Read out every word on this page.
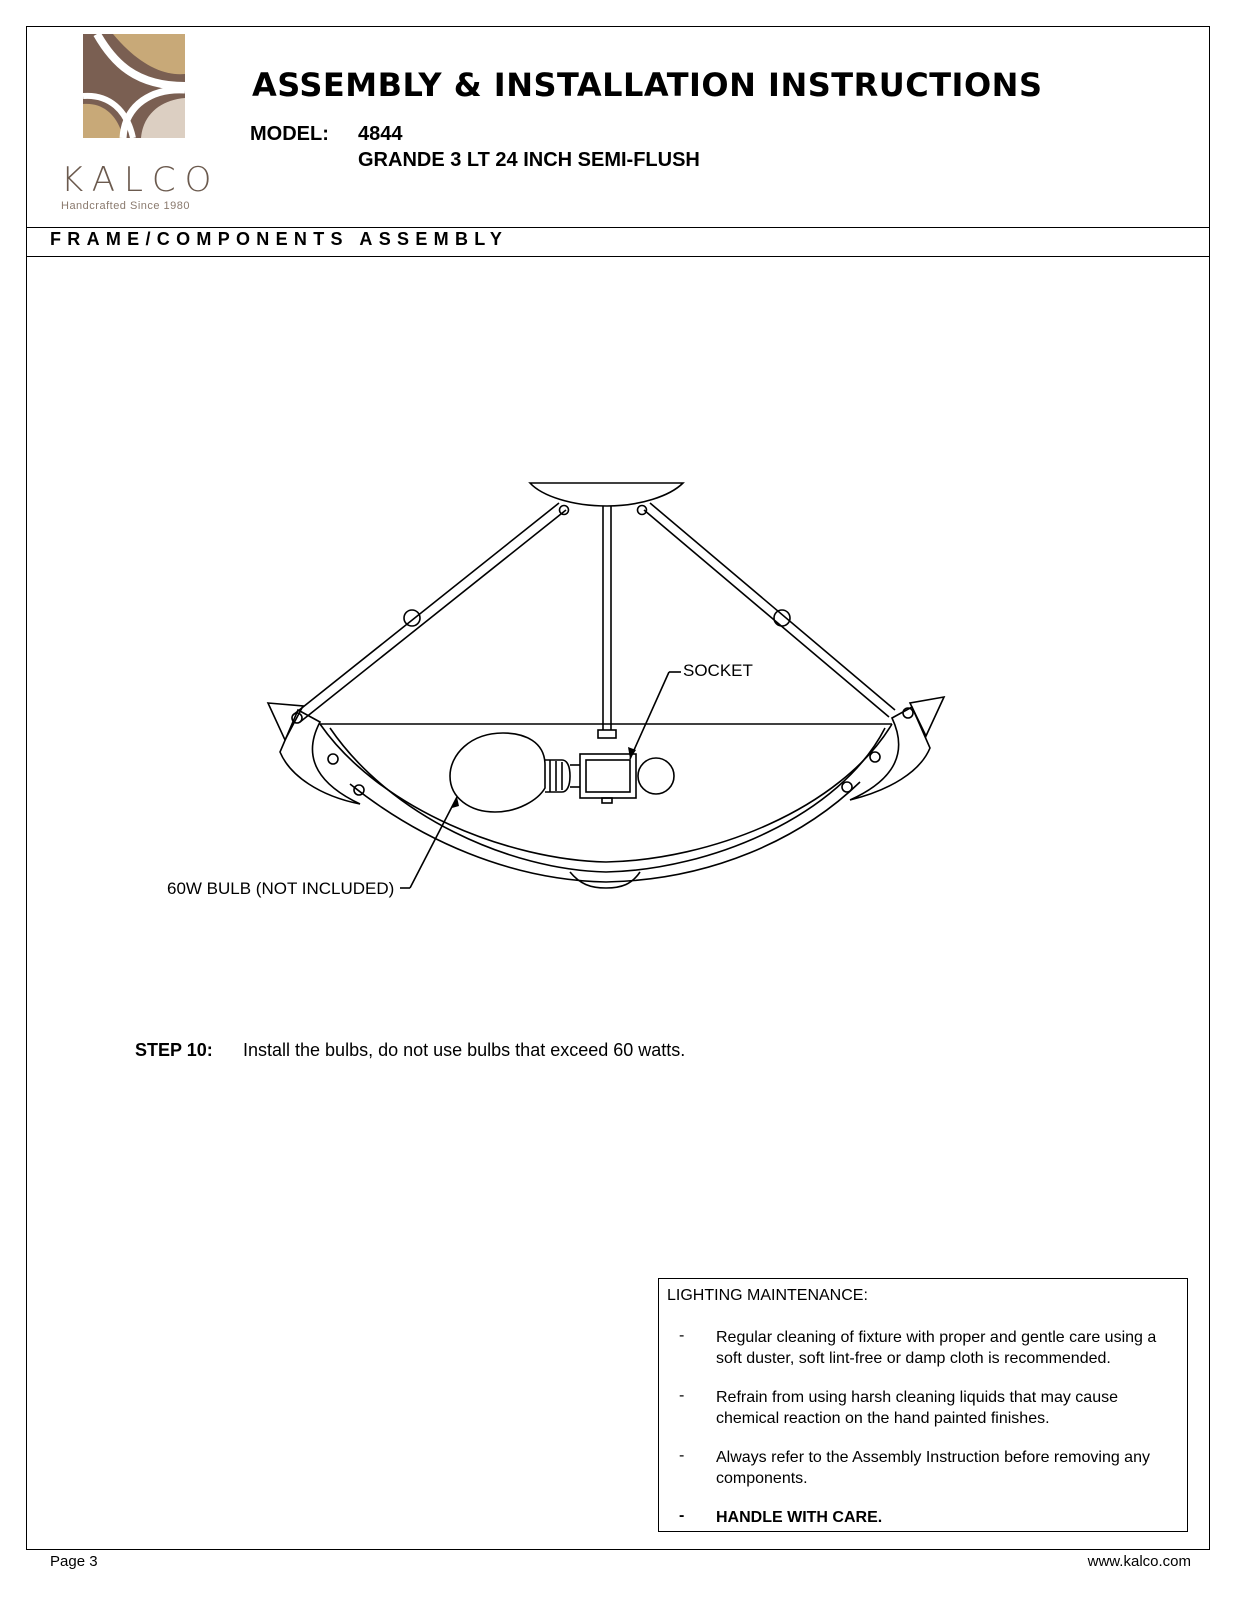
KALCO
Handcrafted Since 1980
ASSEMBLY & INSTALLATION INSTRUCTIONS
MODEL: 4844
GRANDE 3 LT 24 INCH SEMI-FLUSH
FRAME/COMPONENTS ASSEMBLY
SOCKET
60W BULB (NOT INCLUDED)
STEP 10: Install the bulbs, do not use bulbs that exceed 60 watts.
LIGHTING MAINTENANCE:
- Regular cleaning of fixture with proper and gentle care using a soft duster, soft lint-free or damp cloth is recommended.
- Refrain from using harsh cleaning liquids that may cause chemical reaction on the hand painted finishes.
- Always refer to the Assembly Instruction before removing any components.
- HANDLE WITH CARE.
Page 3	www.kalco.com
